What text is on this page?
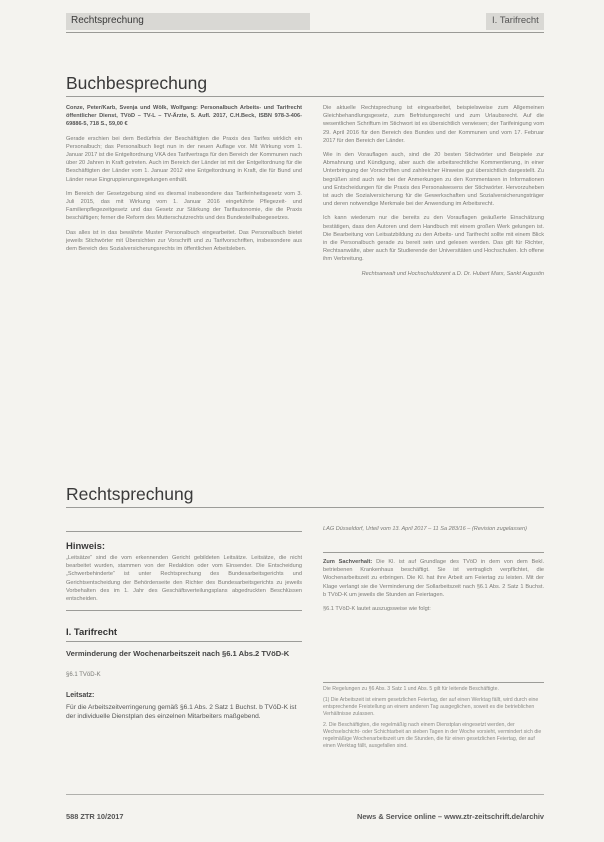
Rechtsprechung	I. Tarifrecht
Buchbesprechung

Conze, Peter/Karb, Svenja und Wölk, Wolfgang: Personalbuch Arbeits- und Tarifrecht öffentlicher Dienst, TVöD – TV-L – TV-Ärzte, 5. Aufl. 2017, C.H.Beck, ISBN 978-3-406-69886-5, 718 S., 59,00 €

Gerade erschien bei dem Bedürfnis der Beschäftigten die Praxis des Tarifes wirklich ein Personalbuch; das Personalbuch liegt nun in der neuen Auflage vor. Mit Wirkung vom 1. Januar 2017 ist die Entgeltordnung VKA des Tarifvertrags für den Bereich der Kommunen nach über 20 Jahren in Kraft getreten. Auch im Bereich der Länder ist mit der Entgeltordnung für die Beschäftigten der Länder vom 1. Januar 2012 eine Entgeltordnung in Kraft, die für Bund und Länder neue Eingruppierungsregelungen enthält.

Im Bereich der Gesetzgebung sind es diesmal insbesondere das Tarifeinheitsgesetz vom 3. Juli 2015, das mit Wirkung vom 1. Januar 2016 eingeführte Pflegezeit- und Familienpflegezeitgesetz und das Gesetz zur Stärkung der Tarifautonomie, die die Praxis beschäftigen; ferner die Reform des Mutterschutzrechts und des Bundesteilhabegesetzes.

Das alles ist in das bewährte Muster Personalbuch eingearbeitet. Das Personalbuch bietet jeweils Stichwörter mit Übersichten zur Vorschrift und zu Tarifvorschriften, insbesondere aus dem Bereich des Sozialversicherungsrechts im öffentlichen Arbeitsleben.

Die aktuelle Rechtsprechung ist eingearbeitet, beispielsweise zum Allgemeinen Gleichbehandlungsgesetz, zum Befristungsrecht und zum Urlaubsrecht. Auf die wesentlichen Schriftum im Stichwort ist es übersichtlich verwiesen; der Tarifeinigung vom 29. April 2016 für den Bereich des Bundes und der Kommunen und vom 17. Februar 2017 für den Bereich der Länder.

Wie in den Vorauflagen auch, sind die 20 besten Stichwörter und Beispiele zur Abmahnung und Kündigung, aber auch die arbeitsrechtliche Kommentierung, in einer Unterbringung der Vorschriften und zahlreicher Hinweise gut übersichtlich dargestellt. Zu begrüßen sind auch wie bei der Anmerkungen zu den Kommentaren in Informationen und Entscheidungen für die Praxis des Personalwesens der Stichwörter. Hervorzuheben ist auch die Sozialversicherung für die Gewerkschaften und Sozialversicherungsträger und deren notwendige Merkmale bei der Anwendung im Arbeitsrecht.

Ich kann wiederum nur die bereits zu den Vorauflagen geäußerte Einschätzung bestätigen, dass den Autoren und dem Handbuch mit einem großen Werk gelungen ist. Die Bearbeitung von Leitsatzbildung zu den Arbeits- und Tarifrecht sollte mit einem Blick in die Personalbuch gerade zu bereit sein und gelesen werden. Das gilt für Richter, Rechtsanwälte, aber auch für Studierende der Universitäten und Hochschulen. Ich offene ihm Verbreitung.

Rechtsanwalt und Hochschuldozent a.D. Dr. Hubert Marx, Sankt Augustin

Rechtsprechung
Hinweis:
„Leitsätze“ sind die vom erkennenden Gericht gebildeten Leitsätze. Leitsätze, die nicht bearbeitet wurden, stammen von der Redaktion oder vom Einsender. Die Entscheidung „Schwerbehinderte“ ist unter Rechtsprechung des Bundesarbeitsgerichts und Gerichtsentscheidung der Behördenseite den Richter des Bundesarbeitsgerichts zu jeweils Vorbehalten des im 1. Jahr des Geschäftsverteilungsplans abgedruckten Beschlüssen entscheiden.
I. Tarifrecht
Verminderung der Wochenarbeitszeit nach §6.1 Abs.2 TVöD-K
§6.1 TVöD-K
Leitsatz:
Für die Arbeitszeitverringerung gemäß §6.1 Abs. 2 Satz 1 Buchst. b TVöD-K ist der individuelle Dienstplan des einzelnen Mitarbeiters maßgebend.

LAG Düsseldorf, Urteil vom 13. April 2017 – 11 Sa 283/16 – (Revision zugelassen)

Zum Sachverhalt: Die Kl. ist auf Grundlage des TVöD in dem von dem Bekl. betriebenen Krankenhaus beschäftigt. Sie ist vertraglich verpflichtet, die Wochenarbeitszeit zu erbringen. Die Kl. hat ihre Arbeit am Feiertag zu leisten. Mit der Klage verlangt sie die Verminderung der Sollarbeitszeit nach §6.1 Abs. 2 Satz 1 Buchst. b TVöD-K um jeweils die Stunden an Feiertagen.

§6.1 TVöD-K lautet auszugsweise wie folgt:

Die Regelungen zu §6 Abs. 3 Satz 1 und Abs. 5 gilt für leitende Beschäftigte.

(1) Die Arbeitszeit ist einem gesetzlichen Feiertag, der auf einen Werktag fällt, wird durch eine entsprechende Freistellung an einem anderen Tag ausgeglichen, soweit es die betrieblichen Verhältnisse zulassen.

2. Die Beschäftigten, die regelmäßig nach einem Dienstplan eingesetzt werden, der Wechselschicht- oder Schichtarbeit an sieben Tagen in der Woche vorsieht, vermindert sich die regelmäßige Wochenarbeitszeit um die Stunden, die für einen gesetzlichen Feiertag, der auf einen Werktag fällt, ausgefallen sind.

588 ZTR 10/2017	News & Service online – www.ztr-zeitschrift.de/archiv
